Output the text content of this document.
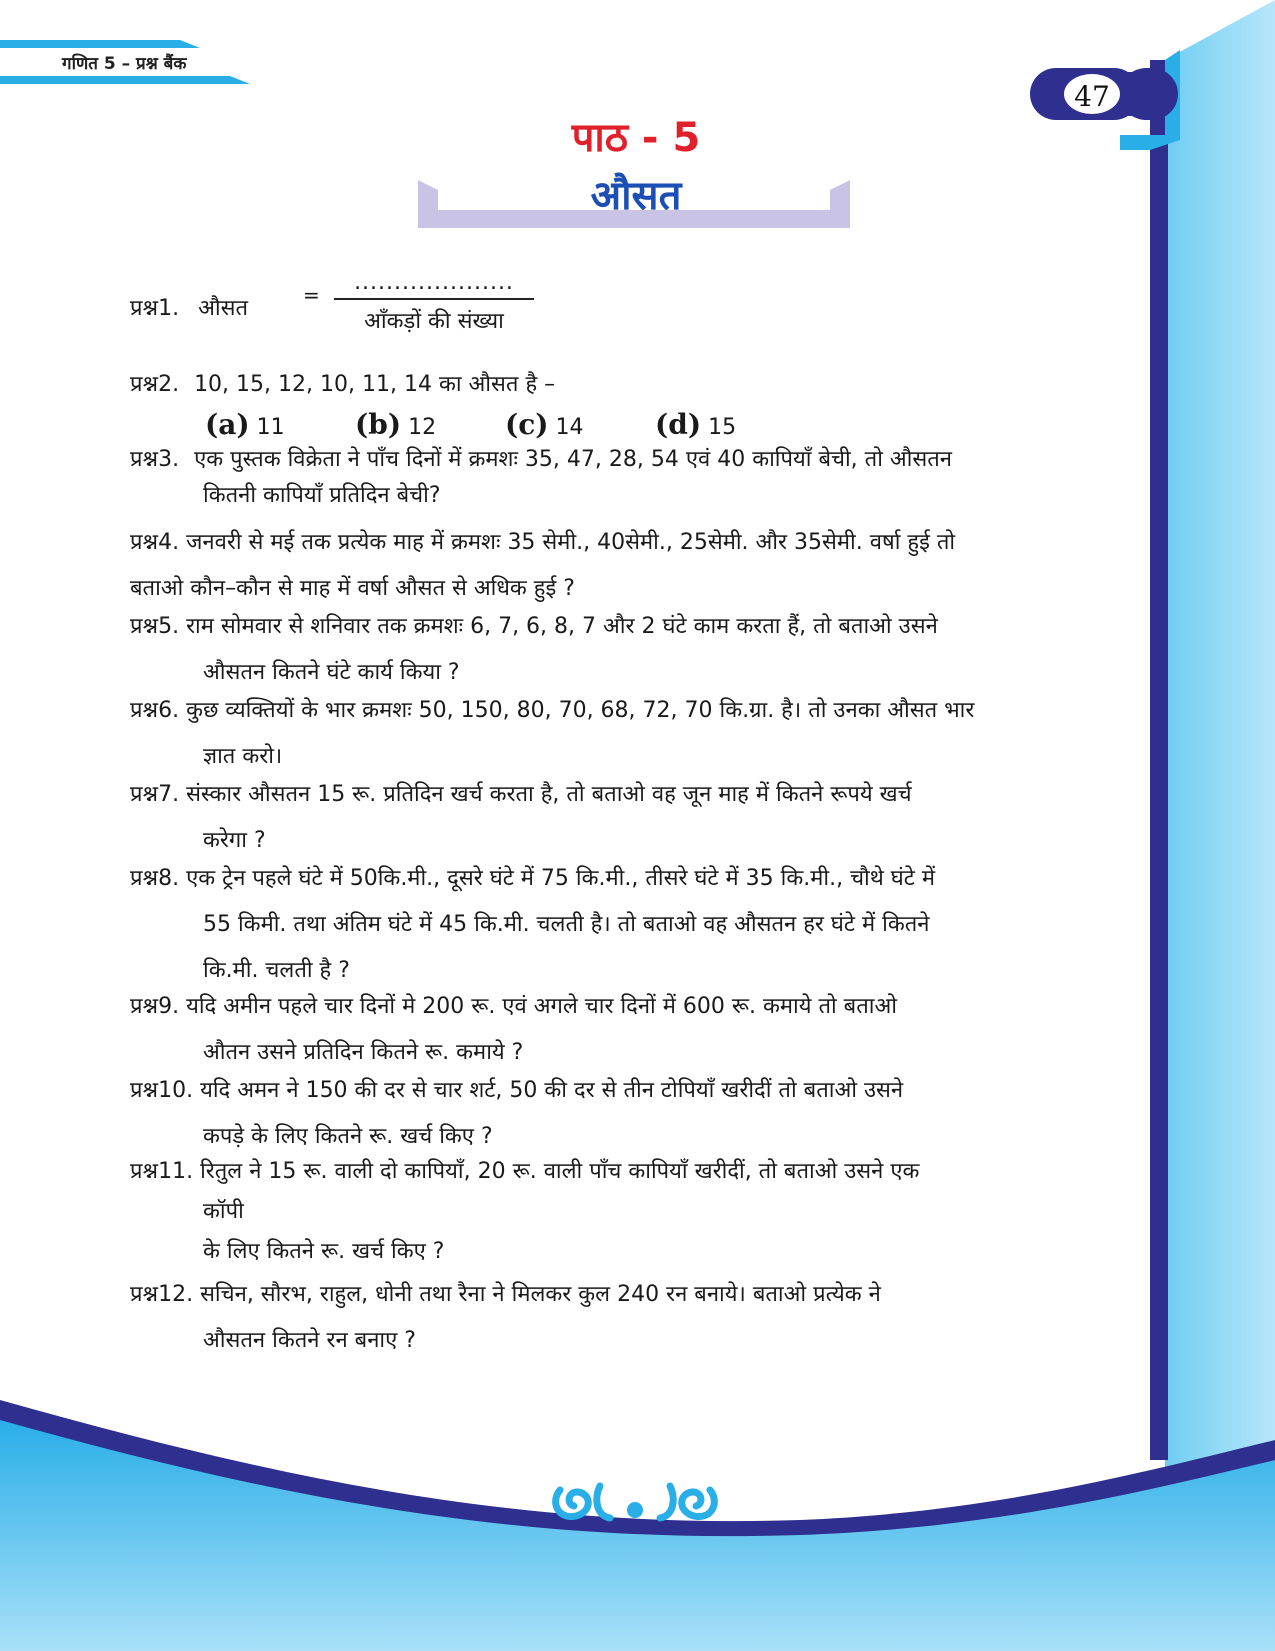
गणित 5 – प्रश्न बैंक
47
पाठ - 5
औसत
प्रश्न1. औसत
=	....................
आँकड़ों की संख्या
प्रश्न2. 10, 15, 12, 10, 11, 14 का औसत है –
(a) 11	(b) 12 (c) 14	(d) 15
प्रश्न3. एक पुस्तक विक्रेता ने पाँच दिनों में क्रमशः 35, 47, 28, 54 एवं 40 कापियाँ बेची, तो औसतन
कितनी कापियाँ प्रतिदिन बेची?
प्रश्न4. जनवरी से मई तक प्रत्येक माह में क्रमशः 35 सेमी., 40सेमी., 25सेमी. और 35सेमी. वर्षा हुई तो
बताओ कौन–कौन से माह में वर्षा औसत से अधिक हुई ?
प्रश्न5. राम सोमवार से शनिवार तक क्रमशः 6, 7, 6, 8, 7 और 2 घंटे काम करता हैं, तो बताओ उसने
औसतन कितने घंटे कार्य किया ?
प्रश्न6. कुछ व्यक्तियों के भार क्रमशः 50, 150, 80, 70, 68, 72, 70 कि.ग्रा. है। तो उनका औसत भार
ज्ञात करो।
प्रश्न7. संस्कार औसतन 15 रू. प्रतिदिन खर्च करता है, तो बताओ वह जून माह में कितने रूपये खर्च
करेगा ?
प्रश्न8. एक ट्रेन पहले घंटे में 50कि.मी., दूसरे घंटे में 75 कि.मी., तीसरे घंटे में 35 कि.मी., चौथे घंटे में
55 किमी. तथा अंतिम घंटे में 45 कि.मी. चलती है। तो बताओ वह औसतन हर घंटे में कितने
कि.मी. चलती है ?
प्रश्न9. यदि अमीन पहले चार दिनों मे 200 रू. एवं अगले चार दिनों में 600 रू. कमाये तो बताओ
औतन उसने प्रतिदिन कितने रू. कमाये ?
प्रश्न10. यदि अमन ने 150 की दर से चार शर्ट, 50 की दर से तीन टोपियाँ खरीदीं तो बताओ उसने
कपड़े के लिए कितने रू. खर्च किए ?
प्रश्न11. रितुल ने 15 रू. वाली दो कापियाँ, 20 रू. वाली पाँच कापियाँ खरीदीं, तो बताओ उसने एक
कॉपी
के लिए कितने रू. खर्च किए ?
प्रश्न12. सचिन, सौरभ, राहुल, धोनी तथा रैना ने मिलकर कुल 240 रन बनाये। बताओ प्रत्येक ने
औसतन कितने रन बनाए ?
